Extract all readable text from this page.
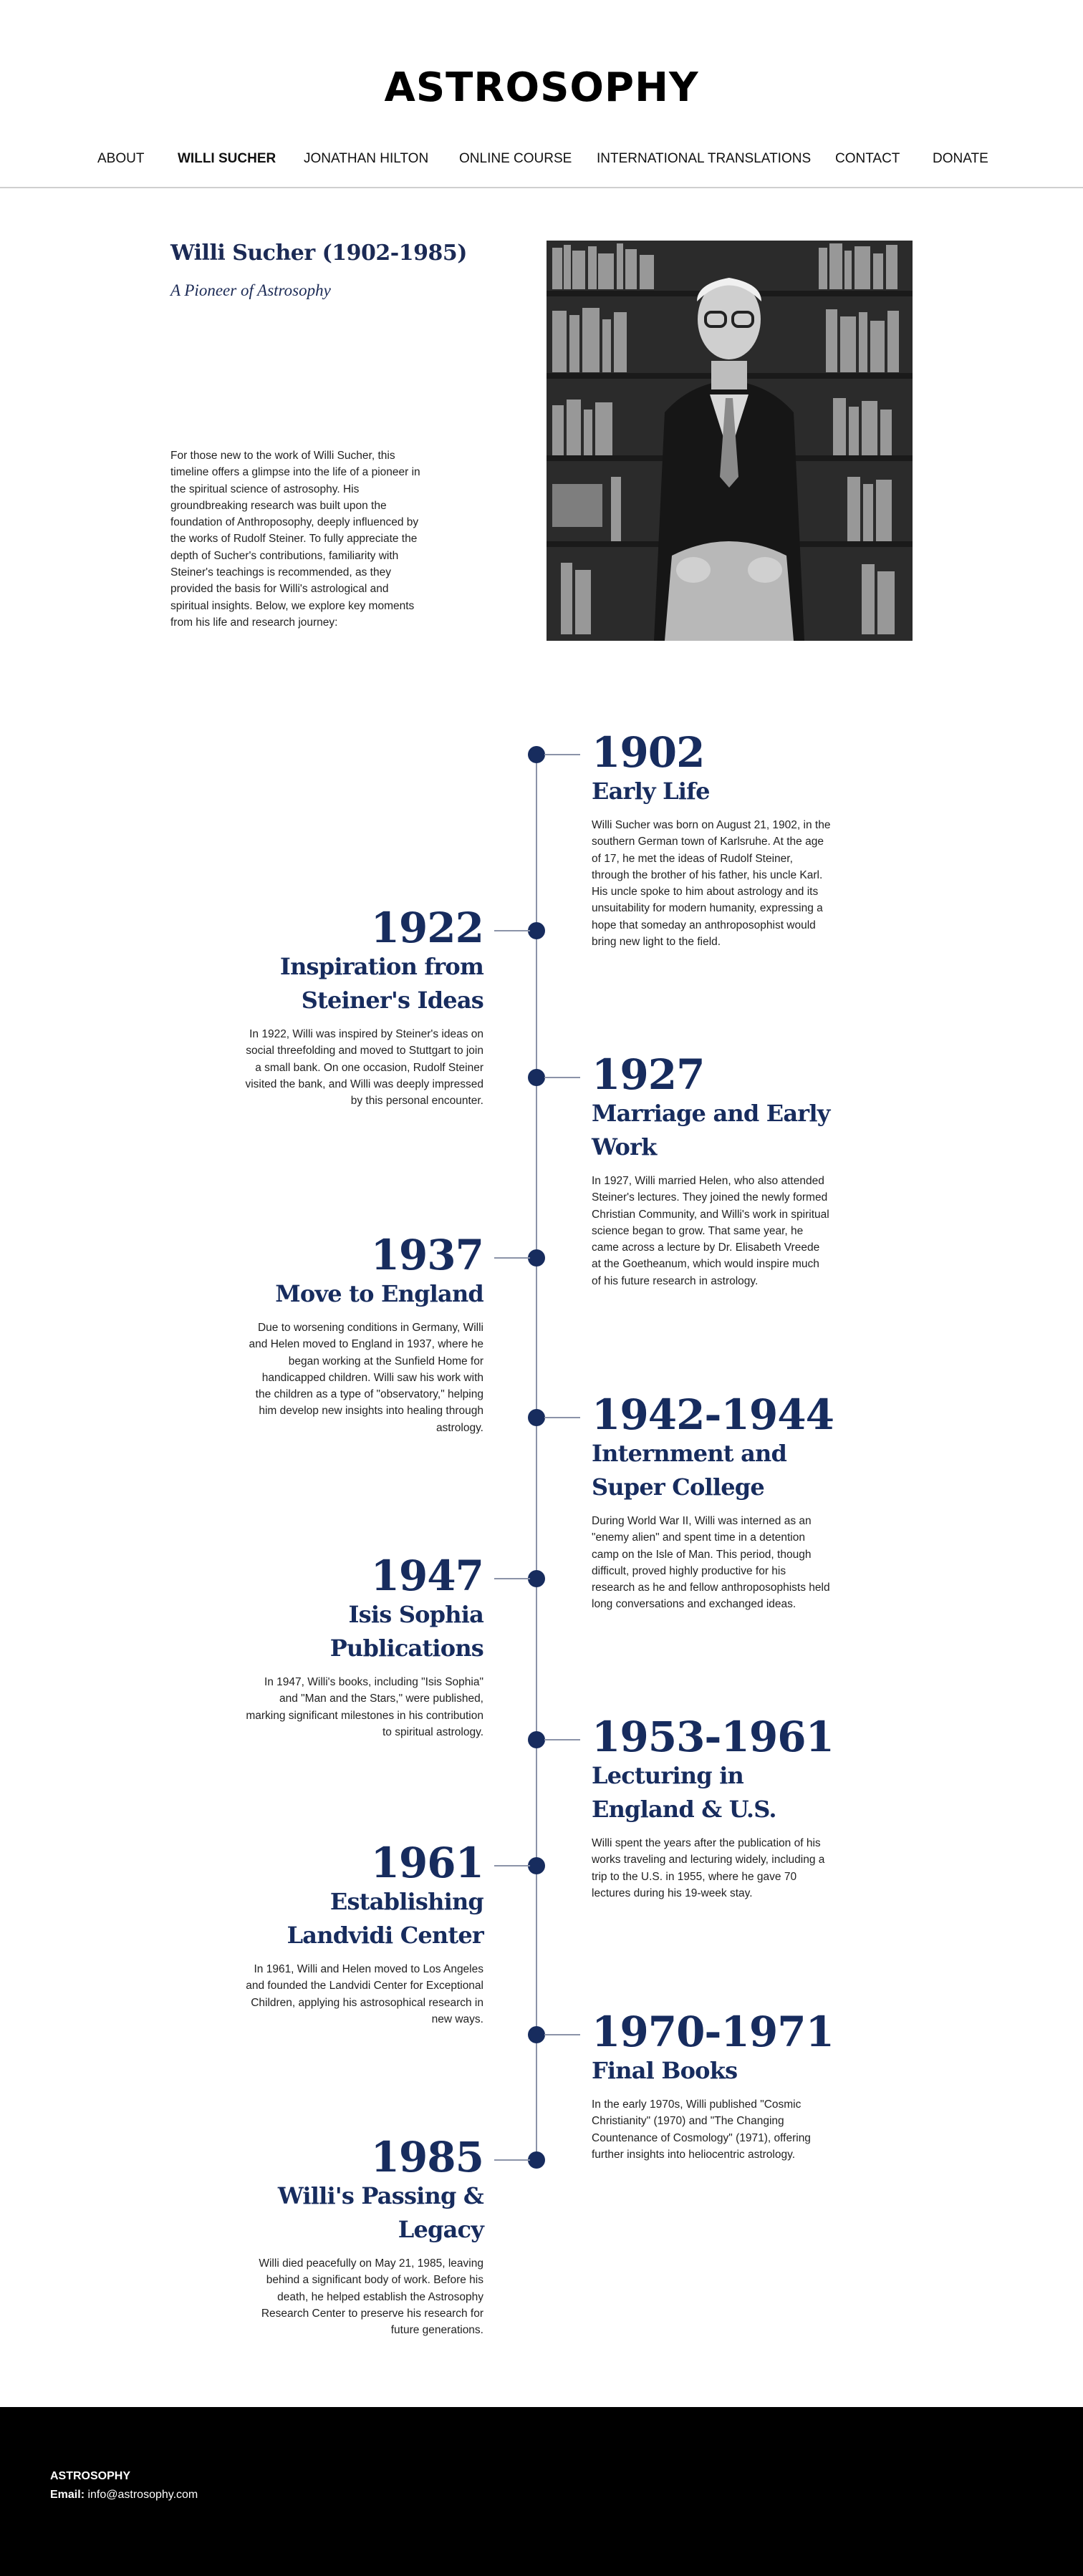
ASTROSOPHY
ABOUT WILLI SUCHER JONATHAN HILTON ONLINE COURSE INTERNATIONAL TRANSLATIONS CONTACT DONATE
Willi Sucher (1902-1985)
A Pioneer of Astrosophy

For those new to the work of Willi Sucher, this timeline offers a glimpse into the life of a pioneer in the spiritual science of astrosophy. His groundbreaking research was built upon the foundation of Anthroposophy, deeply influenced by the works of Rudolf Steiner. To fully appreciate the depth of Sucher's contributions, familiarity with Steiner's teachings is recommended, as they provided the basis for Willi's astrological and spiritual insights. Below, we explore key moments from his life and research journey:

1902
Early Life

Willi Sucher was born on August 21, 1902, in the southern German town of Karlsruhe. At the age of 17, he met the ideas of Rudolf Steiner, through the brother of his father, his uncle Karl. His uncle spoke to him about astrology and its unsuitability for modern humanity, expressing a hope that someday an anthroposophist would bring new light to the field.

1922
Inspiration from Steiner's Ideas

In 1922, Willi was inspired by Steiner's ideas on social threefolding and moved to Stuttgart to join a small bank. On one occasion, Rudolf Steiner visited the bank, and Willi was deeply impressed by this personal encounter.

1927
Marriage and Early Work

In 1927, Willi married Helen, who also attended Steiner's lectures. They joined the newly formed Christian Community, and Willi's work in spiritual science began to grow. That same year, he came across a lecture by Dr. Elisabeth Vreede at the Goetheanum, which would inspire much of his future research in astrology.

1937
Move to England

Due to worsening conditions in Germany, Willi and Helen moved to England in 1937, where he began working at the Sunfield Home for handicapped children. Willi saw his work with the children as a type of "observatory," helping him develop new insights into healing through astrology.	1942-1944
Internment and Super College

During World War II, Willi was interned as an "enemy alien" and spent time in a detention camp on the Isle of Man. This period, though difficult, proved highly productive for his research as he and fellow anthroposophists held long conversations and exchanged ideas.

1947
Isis Sophia Publications

In 1947, Willi's books, including "Isis Sophia" and "Man and the Stars," were published, marking significant milestones in his contribution to spiritual astrology.	1953-1961
Lecturing in England & U.S.

Willi spent the years after the publication of his works traveling and lecturing widely, including a trip to the U.S. in 1955, where he gave 70 lectures during his 19-week stay.

1961
Establishing Landvidi Center

In 1961, Willi and Helen moved to Los Angeles and founded the Landvidi Center for Exceptional Children, applying his astrosophical research in new ways.	1970-1971
Final Books

In the early 1970s, Willi published "Cosmic Christianity" (1970) and "The Changing Countenance of Cosmology" (1971), offering further insights into heliocentric astrology.

1985
Willi's Passing & Legacy

Willi died peacefully on May 21, 1985, leaving behind a significant body of work. Before his death, he helped establish the Astrosophy Research Center to preserve his research for future generations.

ASTROSOPHY
Email: info@astrosophy.com
